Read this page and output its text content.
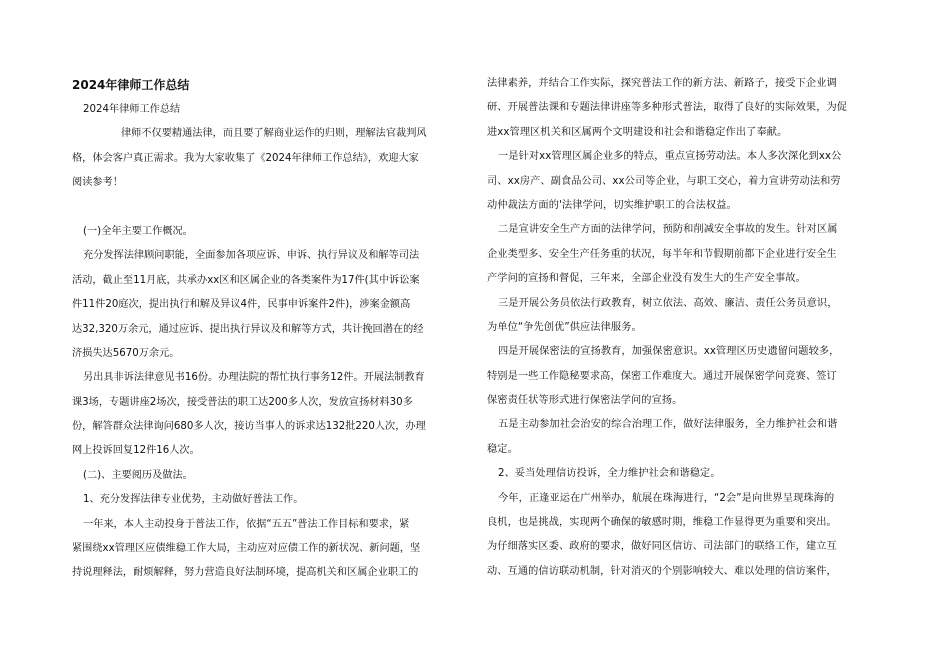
2024年律师工作总结
2024年律师工作总结
律师不仅要精通法律，而且要了解商业运作的归则，理解法官裁判风
格，体会客户真正需求。我为大家收集了《2024年律师工作总结》，欢迎大家
阅读参考！
(一)全年主要工作概况。
充分发挥法律顾问职能，全面参加各项应诉、申诉、执行异议及和解等司法
活动，截止至11月底，共承办xx区和区属企业的各类案件为17件(其中诉讼案
件11件20庭次，提出执行和解及异议4件，民事申诉案件2件)，涉案金额高
达32,320万余元，通过应诉、提出执行异议及和解等方式，共计挽回潜在的经
济损失达5670万余元。
另出具非诉法律意见书16份。办理法院的帮忙执行事务12件。开展法制教育
课3场，专题讲座2场次，接受普法的职工达200多人次，发放宣扬材料30多
份，解答群众法律询问680多人次，接访当事人的诉求达132批220人次，办理
网上投诉回复12件16人次。
(二)、主要阅历及做法。
1、充分发挥法律专业优势，主动做好普法工作。
一年来，本人主动投身于普法工作，依据“五五”普法工作目标和要求，紧
紧围绕xx管理区应债维稳工作大局，主动应对应债工作的新状况、新问题，坚
持说理释法，耐烦解释，努力营造良好法制环境，提高机关和区属企业职工的
法律素养，并结合工作实际，探究普法工作的新方法、新路子，接受下企业调
研、开展普法课和专题法律讲座等多种形式普法，取得了良好的实际效果，为促
进xx管理区机关和区属两个文明建设和社会和谐稳定作出了奉献。
一是针对xx管理区属企业多的特点，重点宣扬劳动法。本人多次深化到xx公
司、xx房产、副食品公司、xx公司等企业，与职工交心，着力宣讲劳动法和劳
动仲裁法方面的'法律学问，切实维护职工的合法权益。
二是宣讲安全生产方面的法律学问，预防和削减安全事故的发生。针对区属
企业类型多、安全生产任务重的状况，每半年和节假期前都下企业进行安全生
产学问的宣扬和督促，三年来，全部企业没有发生大的生产安全事故。
三是开展公务员依法行政教育，树立依法、高效、廉洁、责任公务员意识，
为单位“争先创优”供应法律服务。
四是开展保密法的宣扬教育，加强保密意识。xx管理区历史遗留问题较多，
特别是一些工作隐秘要求高，保密工作难度大。通过开展保密学问竞赛、签订
保密责任状等形式进行保密法学问的宣扬。
五是主动参加社会治安的综合治理工作，做好法律服务，全力维护社会和谐
稳定。
2、妥当处理信访投诉，全力维护社会和谐稳定。
今年，正逢亚运在广州举办，航展在珠海进行，“2会”是向世界呈现珠海的
良机，也是挑战，实现两个确保的敏感时期，维稳工作显得更为重要和突出。
为仔细落实区委、政府的要求，做好同区信访、司法部门的联络工作，建立互
动、互通的信访联动机制，针对消灭的个别影响较大、难以处理的信访案件，
